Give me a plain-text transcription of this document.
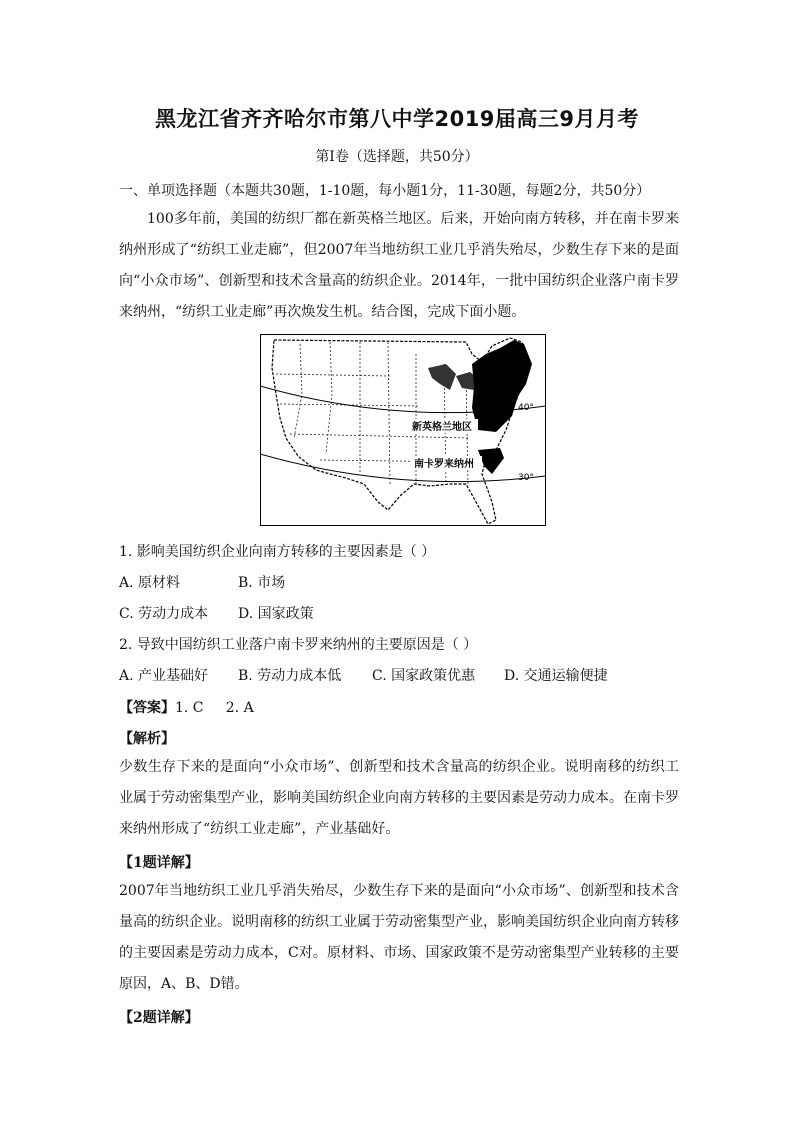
黑龙江省齐齐哈尔市第八中学2019届高三9月月考
第Ⅰ卷（选择题，共50分）
一、单项选择题（本题共30题，1-10题，每小题1分，11-30题，每题2分，共50分）
100多年前，美国的纺织厂都在新英格兰地区。后来，开始向南方转移，并在南卡罗来纳州形成了“纺织工业走廊”，但2007年当地纺织工业几乎消失殆尽，少数生存下来的是面向“小众市场”、创新型和技术含量高的纺织企业。2014年，一批中国纺织企业落户南卡罗来纳州，“纺织工业走廊”再次焕发生机。结合图，完成下面小题。
新英格兰地区
南卡罗来纳州
40°
30°
1. 影响美国纺织企业向南方转移的主要因素是（ ）
A. 原材料	B. 市场
C. 劳动力成本 D. 国家政策
2. 导致中国纺织工业落户南卡罗来纳州的主要原因是（ ）
A. 产业基础好 B. 劳动力成本低 C. 国家政策优惠 D. 交通运输便捷
【答案】1. C     2. A
【解析】
少数生存下来的是面向“小众市场”、创新型和技术含量高的纺织企业。说明南移的纺织工业属于劳动密集型产业，影响美国纺织企业向南方转移的主要因素是劳动力成本。在南卡罗来纳州形成了“纺织工业走廊”，产业基础好。
【1题详解】
2007年当地纺织工业几乎消失殆尽，少数生存下来的是面向“小众市场”、创新型和技术含量高的纺织企业。说明南移的纺织工业属于劳动密集型产业，影响美国纺织企业向南方转移的主要因素是劳动力成本，C对。原材料、市场、国家政策不是劳动密集型产业转移的主要原因，A、B、D错。
【2题详解】
